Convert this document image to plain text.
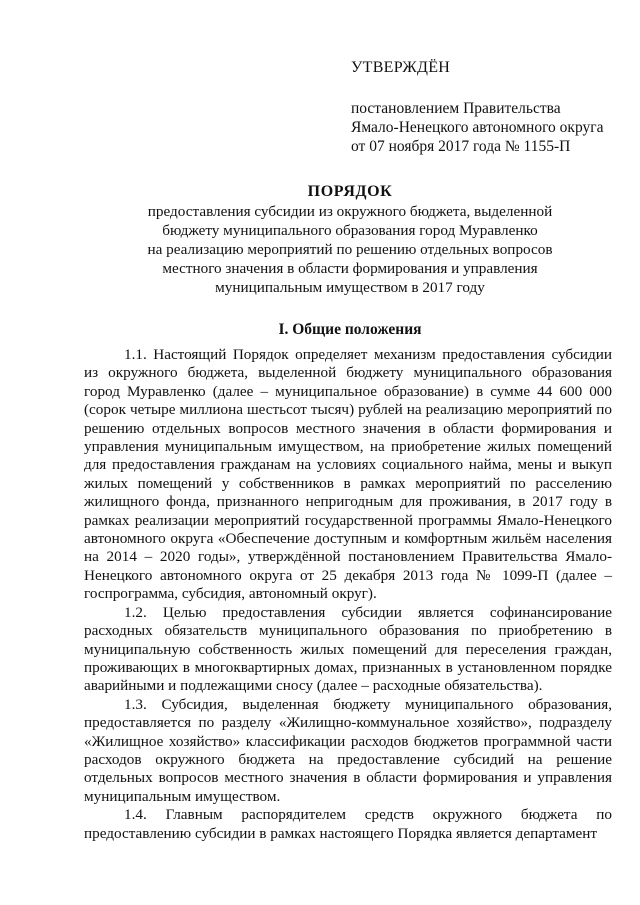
УТВЕРЖДЁН
постановлением Правительства
Ямало-Ненецкого автономного округа
от 07 ноября 2017 года № 1155-П
ПОРЯДОК
предоставления субсидии из окружного бюджета, выделенной
бюджету муниципального образования город Муравленко
на реализацию мероприятий по решению отдельных вопросов
местного значения в области формирования и управления
муниципальным имуществом в 2017 году
I. Общие положения

1.1. Настоящий Порядок определяет механизм предоставления субсидии из окружного бюджета, выделенной бюджету муниципального образования город Муравленко (далее – муниципальное образование) в сумме 44 600 000 (сорок четыре миллиона шестьсот тысяч) рублей на реализацию мероприятий по решению отдельных вопросов местного значения в области формирования и управления муниципальным имуществом, на приобретение жилых помещений для предоставления гражданам на условиях социального найма, мены и выкуп жилых помещений у собственников в рамках мероприятий по расселению жилищного фонда, признанного непригодным для проживания, в 2017 году в рамках реализации мероприятий государственной программы Ямало-Ненецкого автономного округа «Обеспечение доступным и комфортным жильём населения на 2014 – 2020 годы», утверждённой постановлением Правительства Ямало-Ненецкого автономного округа от 25 декабря 2013 года № 1099-П (далее – госпрограмма, субсидия, автономный округ).

1.2. Целью предоставления субсидии является софинансирование расходных обязательств муниципального образования по приобретению в муниципальную собственность жилых помещений для переселения граждан, проживающих в многоквартирных домах, признанных в установленном порядке аварийными и подлежащими сносу (далее – расходные обязательства).

1.3. Субсидия, выделенная бюджету муниципального образования, предоставляется по разделу «Жилищно-коммунальное хозяйство», подразделу «Жилищное хозяйство» классификации расходов бюджетов программной части расходов окружного бюджета на предоставление субсидий на решение отдельных вопросов местного значения в области формирования и управления муниципальным имуществом.

1.4. Главным распорядителем средств окружного бюджета по предоставлению субсидии в рамках настоящего Порядка является департамент
